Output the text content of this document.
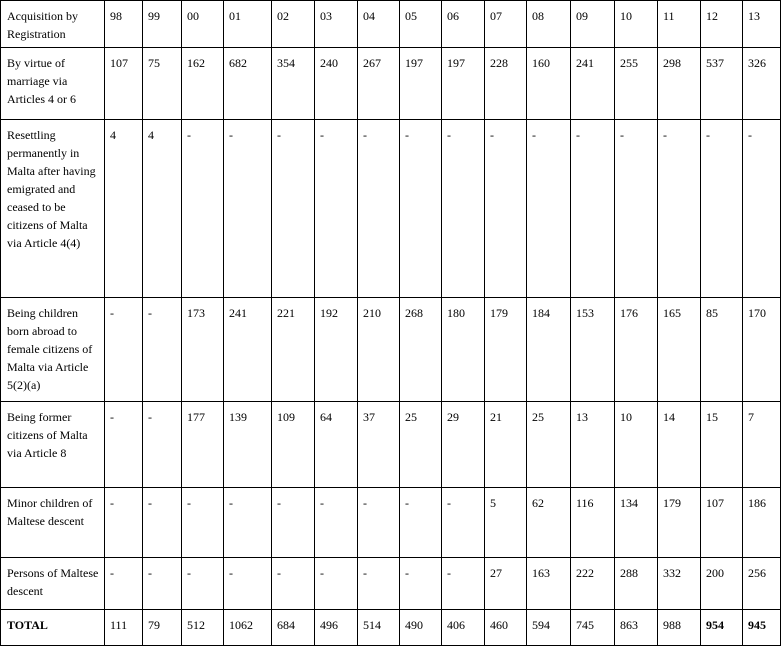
Acquisition by Registration	98	99	00	01	02	03	04	05	06	07	08	09	10	11	12	13
By virtue of marriage via Articles 4 or 6	107	75	162	682	354	240	267	197	197	228	160	241	255	298	537	326
Resettling permanently in Malta after having emigrated and ceased to be citizens of Malta via Article 4(4)	4	4	-	-	-	-	-	-	-	-	-	-	-	-	-	-
Being children born abroad to female citizens of Malta via Article 5(2)(a)	-	-	173	241	221	192	210	268	180	179	184	153	176	165	85	170
Being former citizens of Malta via Article 8	-	-	177	139	109	64	37	25	29	21	25	13	10	14	15	7
Minor children of Maltese descent	-	-	-	-	-	-	-	-	-	5	62	116	134	179	107	186
Persons of Maltese descent	-	-	-	-	-	-	-	-	-	27	163	222	288	332	200	256
TOTAL	111	79	512	1062	684	496	514	490	406	460	594	745	863	988	954	945
